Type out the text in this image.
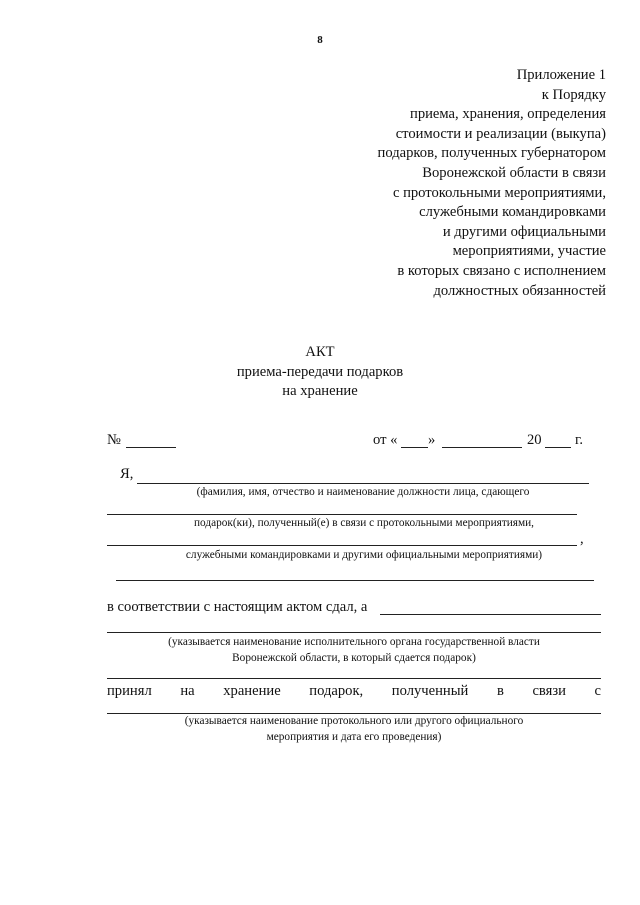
8
Приложение 1
к Порядку
приема, хранения, определения
стоимости и реализации (выкупа)
подарков, полученных губернатором
Воронежской области в связи
с протокольными мероприятиями,
служебными командировками
и другими официальными
мероприятиями, участие
в которых связано с исполнением
должностных обязанностей
АКТ
приема-передачи подарков
на хранение
№	от « »	20 г.
Я,
(фамилия, имя, отчество и наименование должности лица, сдающего
подарок(ки), полученный(е) в связи с протокольными мероприятиями,
,
служебными командировками и другими официальными мероприятиями)
в соответствии с настоящим актом сдал, а
(указывается наименование исполнительного органа государственной власти
Воронежской области, в который сдается подарок)
принял на хранение подарок, полученный в связи с
(указывается наименование протокольного или другого официального
мероприятия и дата его проведения)
